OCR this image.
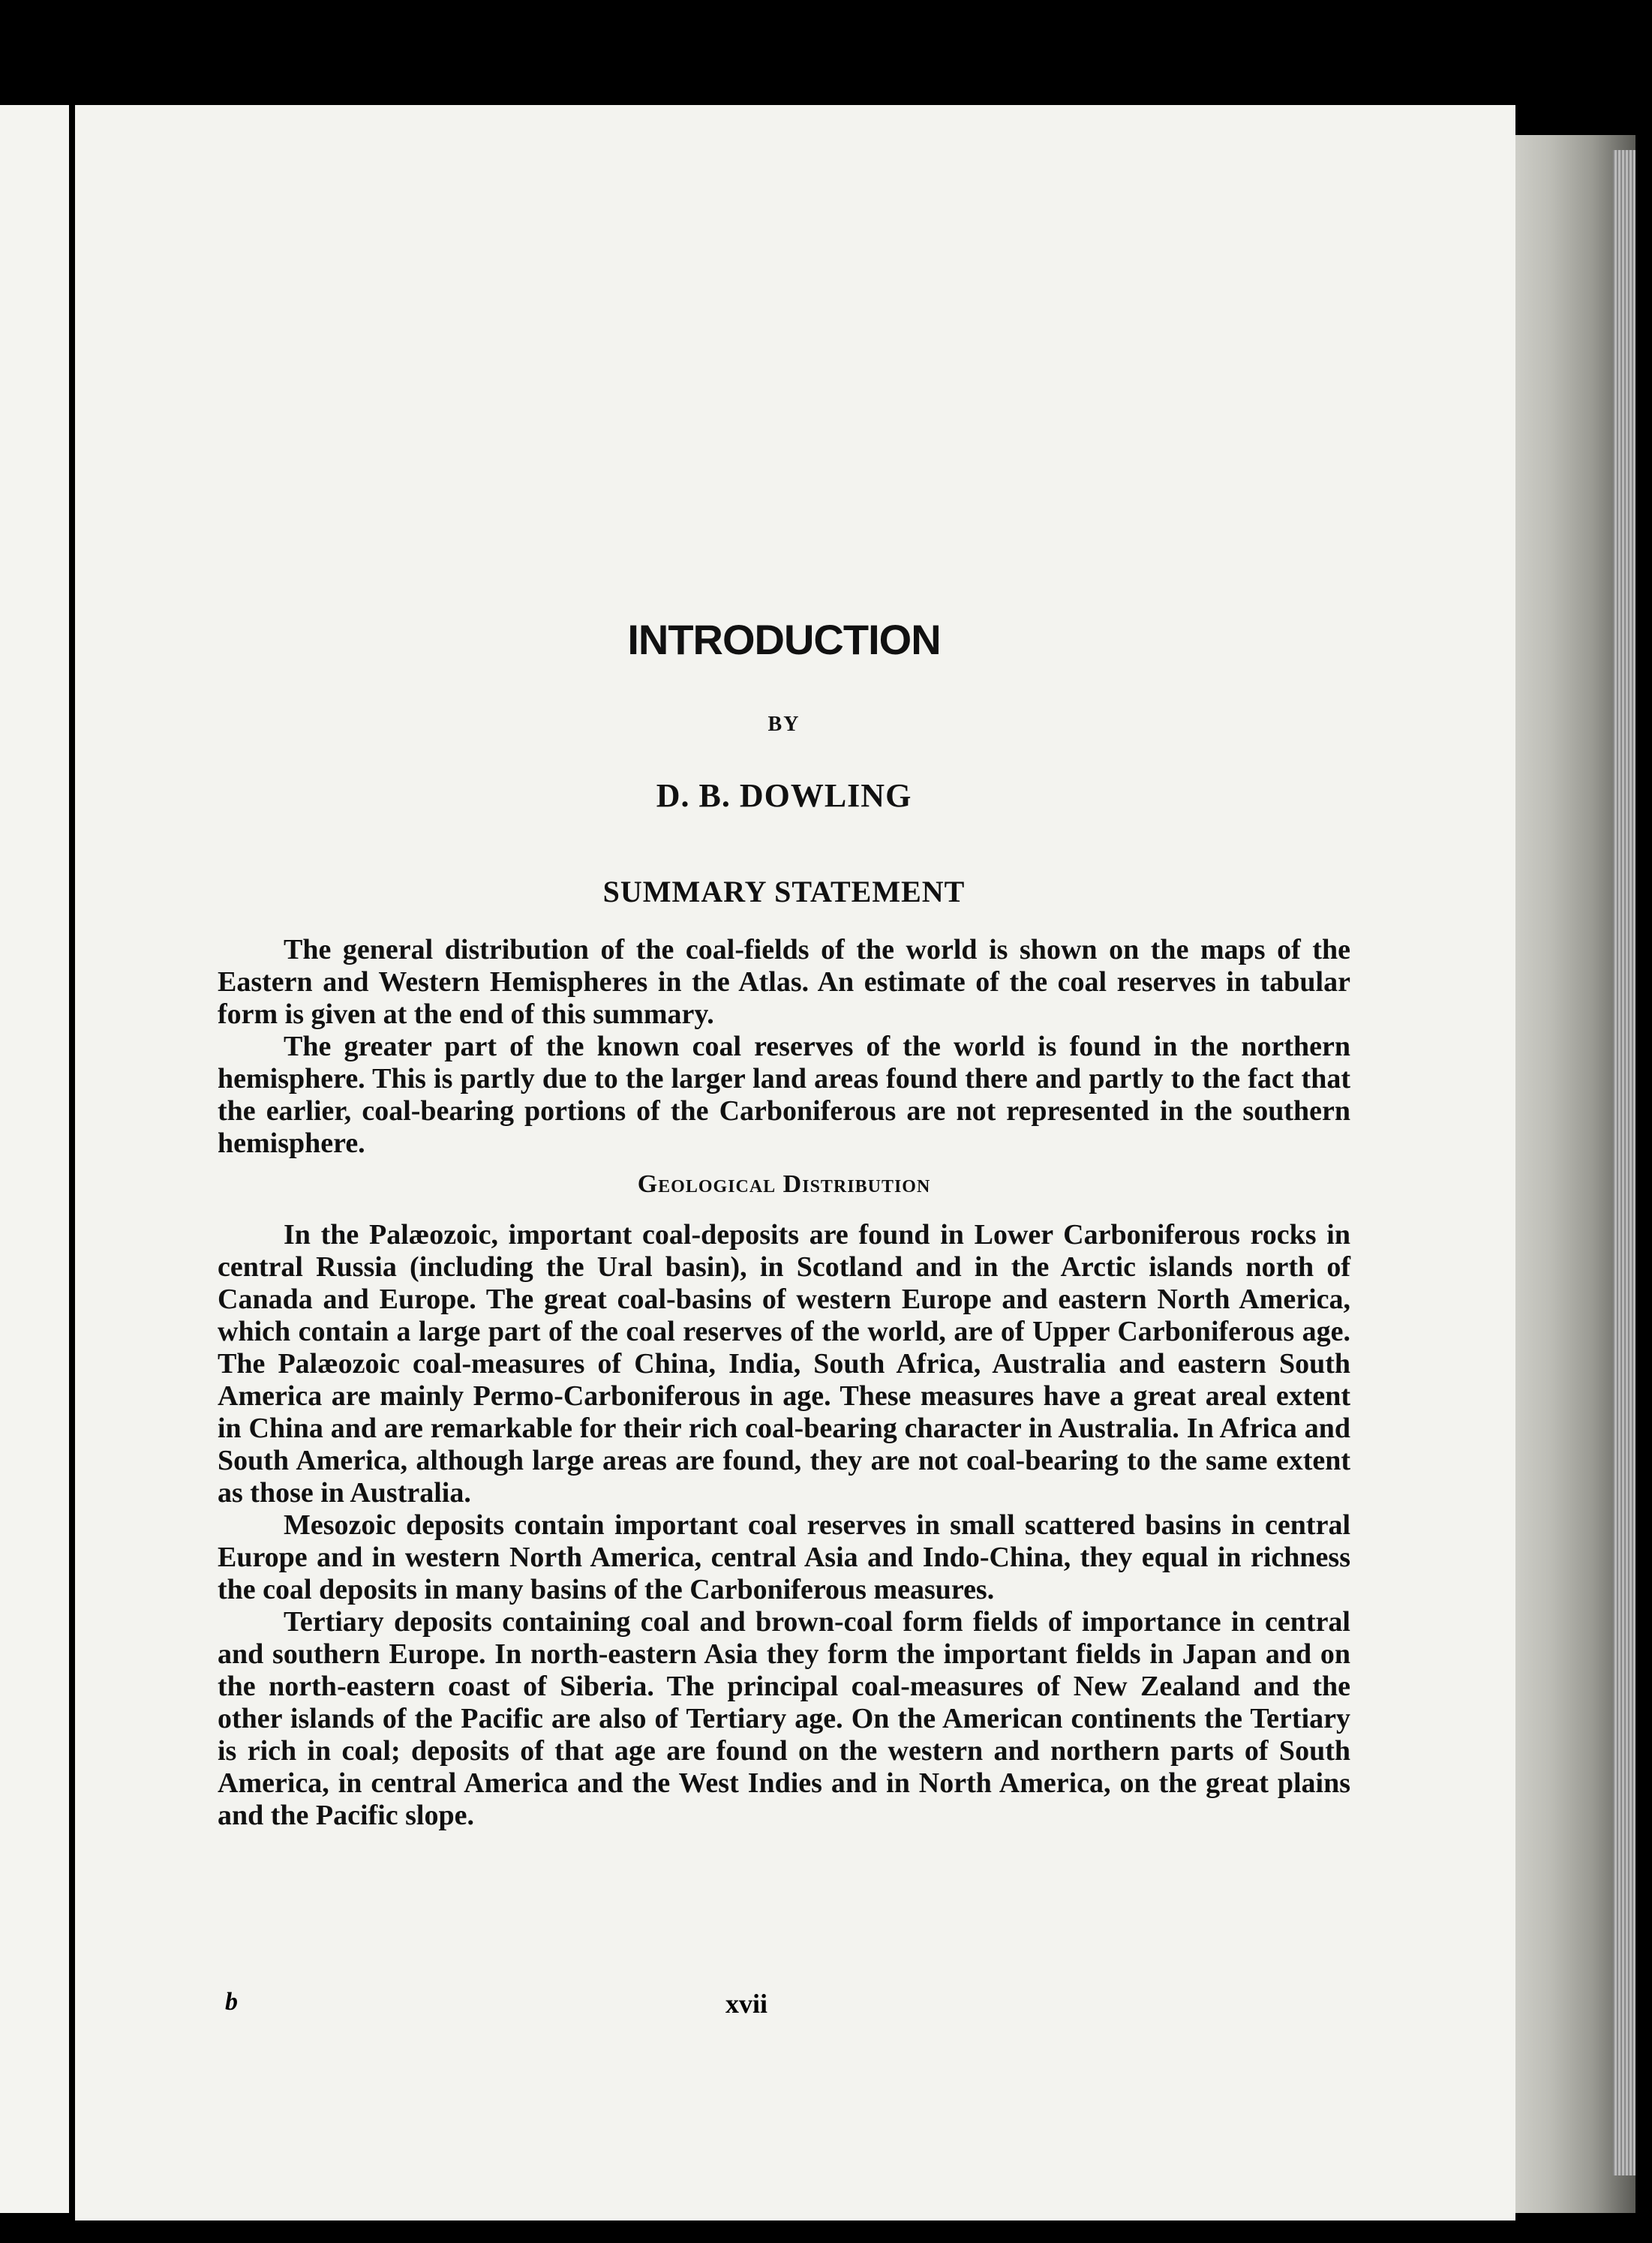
INTRODUCTION
BY
D. B. DOWLING
SUMMARY STATEMENT

The general distribution of the coal-fields of the world is shown on the maps of the Eastern and Western Hemispheres in the Atlas. An estimate of the coal reserves in tabular form is given at the end of this summary.

The greater part of the known coal reserves of the world is found in the northern hemisphere. This is partly due to the larger land areas found there and partly to the fact that the earlier, coal-bearing portions of the Carboniferous are not represented in the southern hemisphere.

Geological Distribution

In the Palæozoic, important coal-deposits are found in Lower Carboniferous rocks in central Russia (including the Ural basin), in Scotland and in the Arctic islands north of Canada and Europe. The great coal-basins of western Europe and eastern North America, which contain a large part of the coal reserves of the world, are of Upper Carboniferous age. The Palæozoic coal-measures of China, India, South Africa, Australia and eastern South America are mainly Permo-Carboniferous in age. These measures have a great areal extent in China and are remarkable for their rich coal-bearing character in Australia. In Africa and South America, although large areas are found, they are not coal-bearing to the same extent as those in Australia.

Mesozoic deposits contain important coal reserves in small scattered basins in central Europe and in western North America, central Asia and Indo-China, they equal in richness the coal deposits in many basins of the Carboniferous measures.

Tertiary deposits containing coal and brown-coal form fields of importance in central and southern Europe. In north-eastern Asia they form the important fields in Japan and on the north-eastern coast of Siberia. The principal coal-measures of New Zealand and the other islands of the Pacific are also of Tertiary age. On the American continents the Tertiary is rich in coal; deposits of that age are found on the western and northern parts of South America, in central America and the West Indies and in North America, on the great plains and the Pacific slope.

b	xvii
